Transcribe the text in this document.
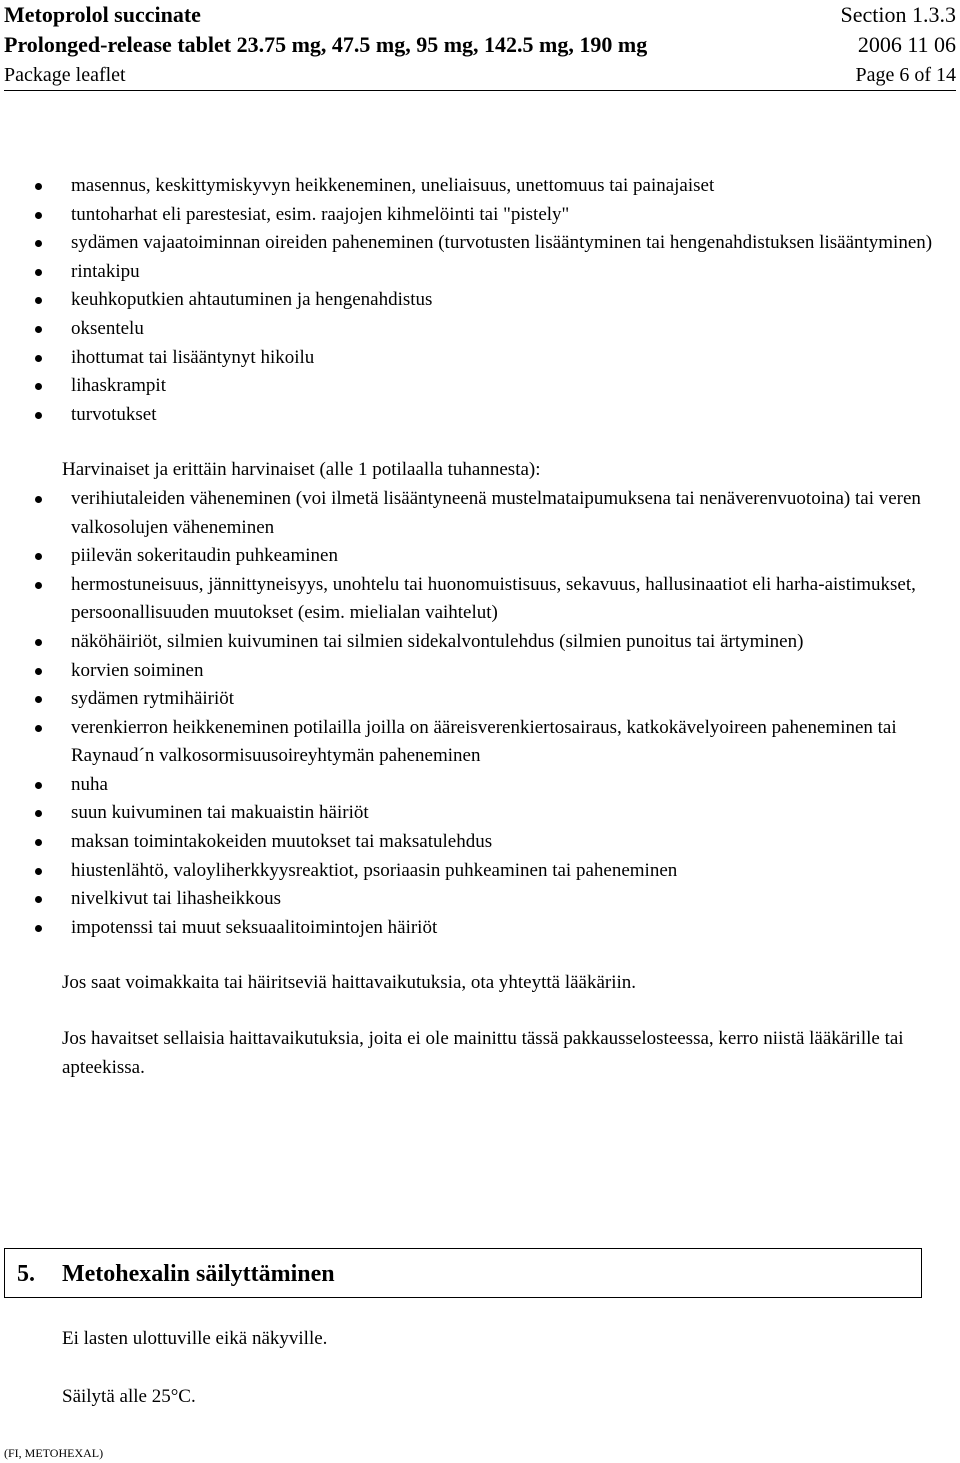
Metoprolol succinate	Section 1.3.3
Prolonged-release tablet 23.75 mg, 47.5 mg, 95 mg, 142.5 mg, 190 mg	2006 11 06
Package leaflet	Page 6 of 14
masennus, keskittymiskyvyn heikkeneminen, uneliaisuus, unettomuus tai painajaiset
tuntoharhat eli parestesiat, esim. raajojen kihmelöinti tai "pistely"
sydämen vajaatoiminnan oireiden paheneminen (turvotusten lisääntyminen tai hengenahdistuksen lisääntyminen)
rintakipu
keuhkoputkien ahtautuminen ja hengenahdistus
oksentelu
ihottumat tai lisääntynyt hikoilu
lihaskrampit
turvotukset

Harvinaiset ja erittäin harvinaiset (alle 1 potilaalla tuhannesta):

verihiutaleiden väheneminen (voi ilmetä lisääntyneenä mustelmataipumuksena tai nenäverenvuotoina) tai veren valkosolujen väheneminen
piilevän sokeritaudin puhkeaminen
hermostuneisuus, jännittyneisyys, unohtelu tai huonomuistisuus, sekavuus, hallusinaatiot eli harha-aistimukset, persoonallisuuden muutokset (esim. mielialan vaihtelut)
näköhäiriöt, silmien kuivuminen tai silmien sidekalvontulehdus (silmien punoitus tai ärtyminen)
korvien soiminen
sydämen rytmihäiriöt
verenkierron heikkeneminen potilailla joilla on ääreisverenkiertosairaus, katkokävelyoireen paheneminen tai Raynaud´n valkosormisuusoireyhtymän paheneminen
nuha
suun kuivuminen tai makuaistin häiriöt
maksan toimintakokeiden muutokset tai maksatulehdus
hiustenlähtö, valoyliherkkyysreaktiot, psoriaasin puhkeaminen tai paheneminen
nivelkivut tai lihasheikkous
impotenssi tai muut seksuaalitoimintojen häiriöt

Jos saat voimakkaita tai häiritseviä haittavaikutuksia, ota yhteyttä lääkäriin.

Jos havaitset sellaisia haittavaikutuksia, joita ei ole mainittu tässä pakkausselosteessa, kerro niistä lääkärille tai apteekissa.

5. Metohexalin säilyttäminen
Ei lasten ulottuville eikä näkyville.
Säilytä alle 25°C.
(FI, METOHEXAL)
